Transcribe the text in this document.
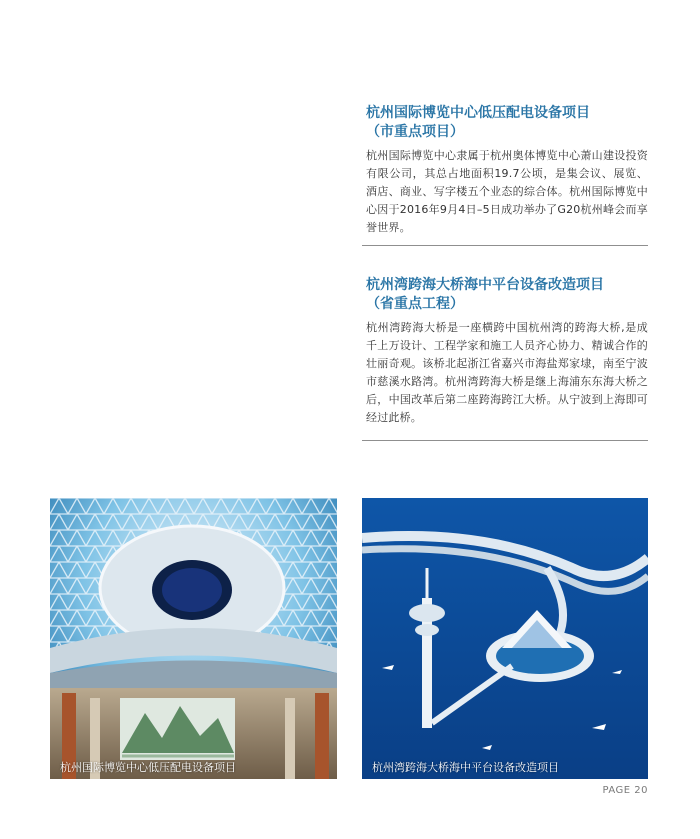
杭州国际博览中心低压配电设备项目

（市重点项目）

杭州国际博览中心隶属于杭州奥体博览中心萧山建设投资有限公司，其总占地面积19.7公顷，是集会议、展览、酒店、商业、写字楼五个业态的综合体。杭州国际博览中心因于2016年9月4日–5日成功举办了G20杭州峰会而享誉世界。

杭州湾跨海大桥海中平台设备改造项目

（省重点工程）

杭州湾跨海大桥是一座横跨中国杭州湾的跨海大桥,是成千上万设计、工程学家和施工人员齐心协力、精诚合作的壮丽奇观。该桥北起浙江省嘉兴市海盐郑家埭，南至宁波市慈溪水路湾。杭州湾跨海大桥是继上海浦东东海大桥之后，中国改革后第二座跨海跨江大桥。从宁波到上海即可经过此桥。

杭州国际博览中心低压配电设备项目	杭州湾跨海大桥海中平台设备改造项目
PAGE 20
